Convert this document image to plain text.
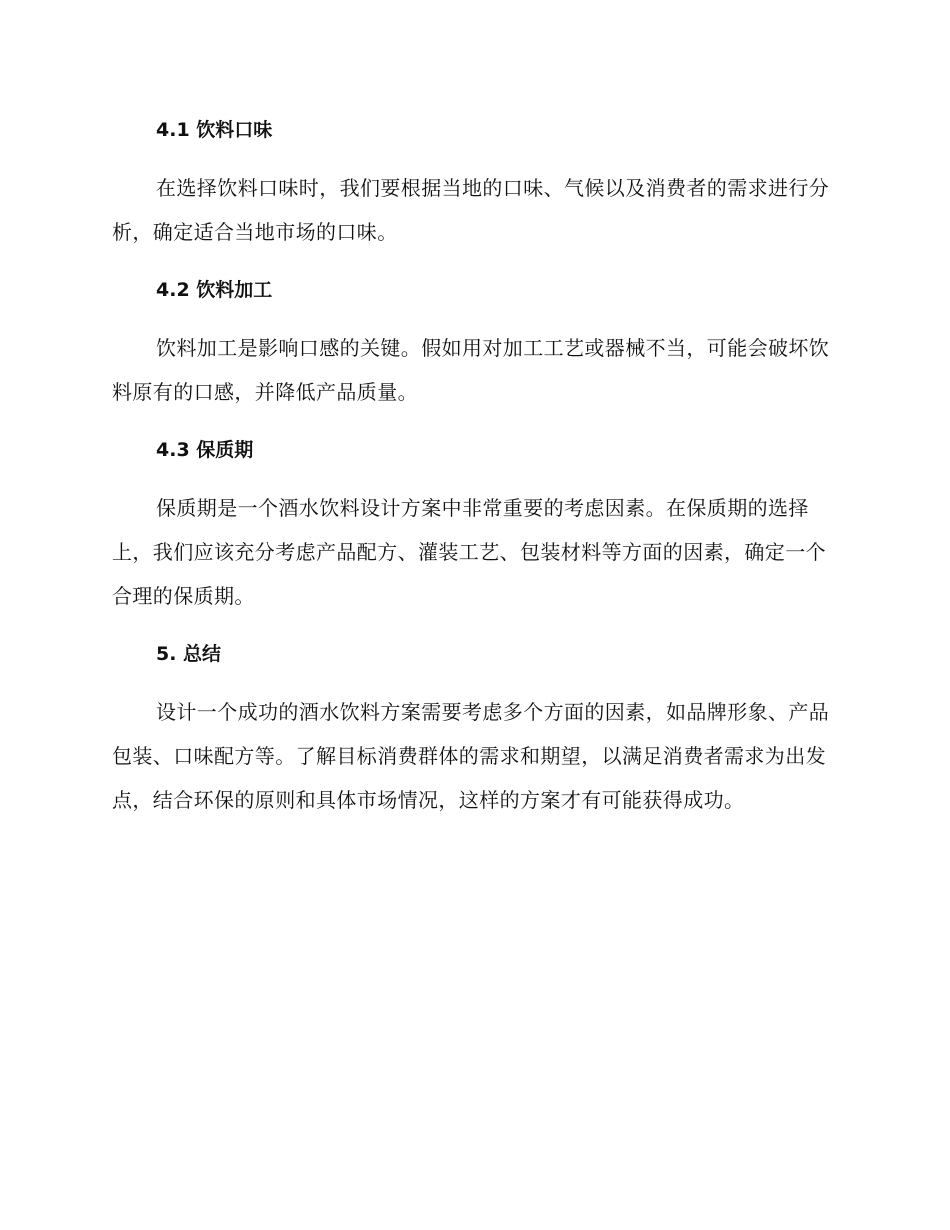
4.1 饮料口味

在选择饮料口味时，我们要根据当地的口味、气候以及消费者的需求进行分析，确定适合当地市场的口味。

4.2 饮料加工

饮料加工是影响口感的关键。假如用对加工工艺或器械不当，可能会破坏饮料原有的口感，并降低产品质量。

4.3 保质期

保质期是一个酒水饮料设计方案中非常重要的考虑因素。在保质期的选择上，我们应该充分考虑产品配方、灌装工艺、包装材料等方面的因素，确定一个合理的保质期。

5. 总结

设计一个成功的酒水饮料方案需要考虑多个方面的因素，如品牌形象、产品包装、口味配方等。了解目标消费群体的需求和期望，以满足消费者需求为出发点，结合环保的原则和具体市场情况，这样的方案才有可能获得成功。
